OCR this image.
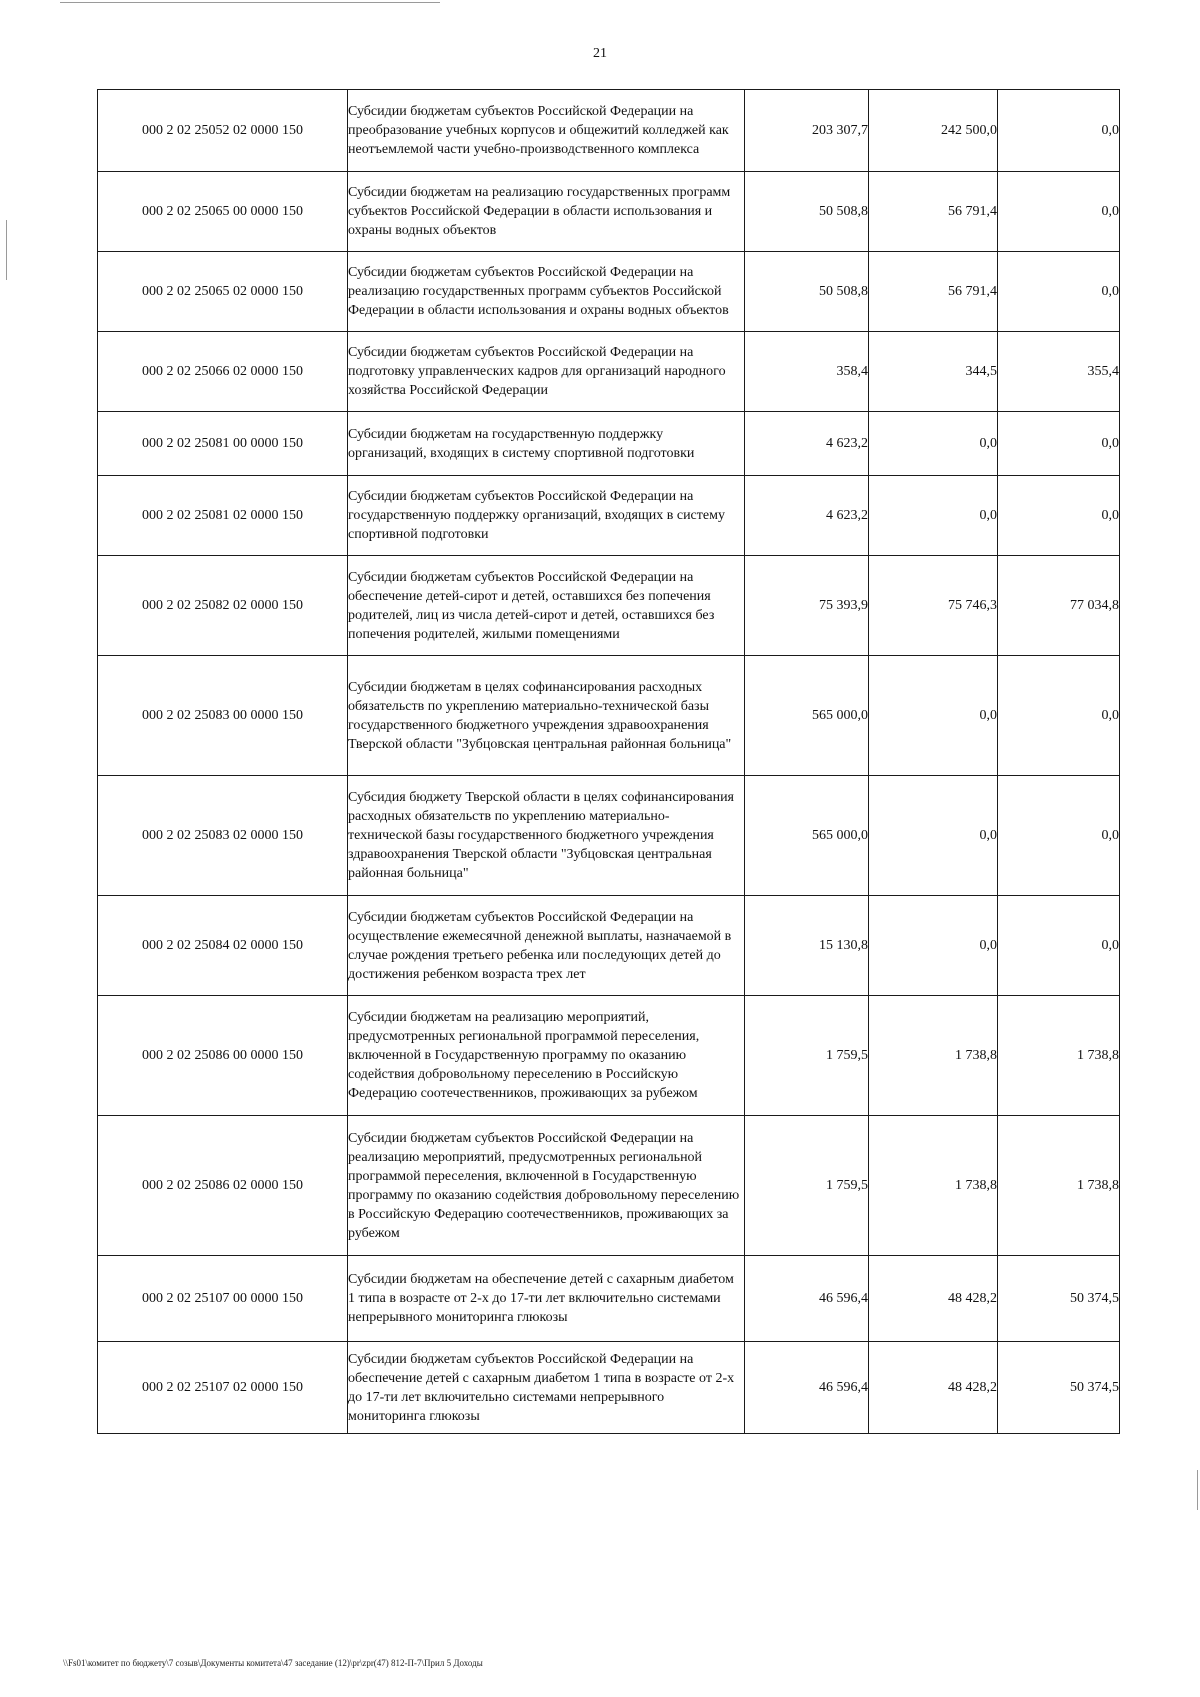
21
000 2 02 25052 02 0000 150	Субсидии бюджетам субъектов Российской Федерации на преобразование учебных корпусов и общежитий колледжей как неотъемлемой части учебно-производственного комплекса	203 307,7	242 500,0	0,0
000 2 02 25065 00 0000 150	Субсидии бюджетам на реализацию государственных программ субъектов Российской Федерации в области использования и охраны водных объектов	50 508,8	56 791,4	0,0
000 2 02 25065 02 0000 150	Субсидии бюджетам субъектов Российской Федерации на реализацию государственных программ субъектов Российской Федерации в области использования и охраны водных объектов	50 508,8	56 791,4	0,0
000 2 02 25066 02 0000 150	Субсидии бюджетам субъектов Российской Федерации на подготовку управленческих кадров для организаций народного хозяйства Российской Федерации	358,4	344,5	355,4
000 2 02 25081 00 0000 150	Субсидии бюджетам на государственную поддержку организаций, входящих в систему спортивной подготовки	4 623,2	0,0	0,0
000 2 02 25081 02 0000 150	Субсидии бюджетам субъектов Российской Федерации на государственную поддержку организаций, входящих в систему спортивной подготовки	4 623,2	0,0	0,0
000 2 02 25082 02 0000 150	Субсидии бюджетам субъектов Российской Федерации на обеспечение детей-сирот и детей, оставшихся без попечения родителей, лиц из числа детей-сирот и детей, оставшихся без попечения родителей, жилыми помещениями	75 393,9	75 746,3	77 034,8
000 2 02 25083 00 0000 150	Субсидии бюджетам в целях софинансирования расходных обязательств по укреплению материально-технической базы государственного бюджетного учреждения здравоохранения Тверской области "Зубцовская центральная районная больница"	565 000,0	0,0	0,0
000 2 02 25083 02 0000 150	Субсидия бюджету Тверской области в целях софинансирования расходных обязательств по укреплению материально-технической базы государственного бюджетного учреждения здравоохранения Тверской области "Зубцовская центральная районная больница"	565 000,0	0,0	0,0
000 2 02 25084 02 0000 150	Субсидии бюджетам субъектов Российской Федерации на осуществление ежемесячной денежной выплаты, назначаемой в случае рождения третьего ребенка или последующих детей до достижения ребенком возраста трех лет	15 130,8	0,0	0,0
000 2 02 25086 00 0000 150	Субсидии бюджетам на реализацию мероприятий, предусмотренных региональной программой переселения, включенной в Государственную программу по оказанию содействия добровольному переселению в Российскую Федерацию соотечественников, проживающих за рубежом	1 759,5	1 738,8	1 738,8
000 2 02 25086 02 0000 150	Субсидии бюджетам субъектов Российской Федерации на реализацию мероприятий, предусмотренных региональной программой переселения, включенной в Государственную программу по оказанию содействия добровольному переселению в Российскую Федерацию соотечественников, проживающих за рубежом	1 759,5	1 738,8	1 738,8
000 2 02 25107 00 0000 150	Субсидии бюджетам на обеспечение детей с сахарным диабетом 1 типа в возрасте от 2-х до 17-ти лет включительно системами непрерывного мониторинга глюкозы	46 596,4	48 428,2	50 374,5
000 2 02 25107 02 0000 150	Субсидии бюджетам субъектов Российской Федерации на обеспечение детей с сахарным диабетом 1 типа в возрасте от 2-х до 17-ти лет включительно системами непрерывного мониторинга глюкозы	46 596,4	48 428,2	50 374,5
\\Fs01\комитет по бюджету\7 созыв\Документы комитета\47 заседание (12)\pr\zpr(47) 812-П-7\Прил 5 Доходы
